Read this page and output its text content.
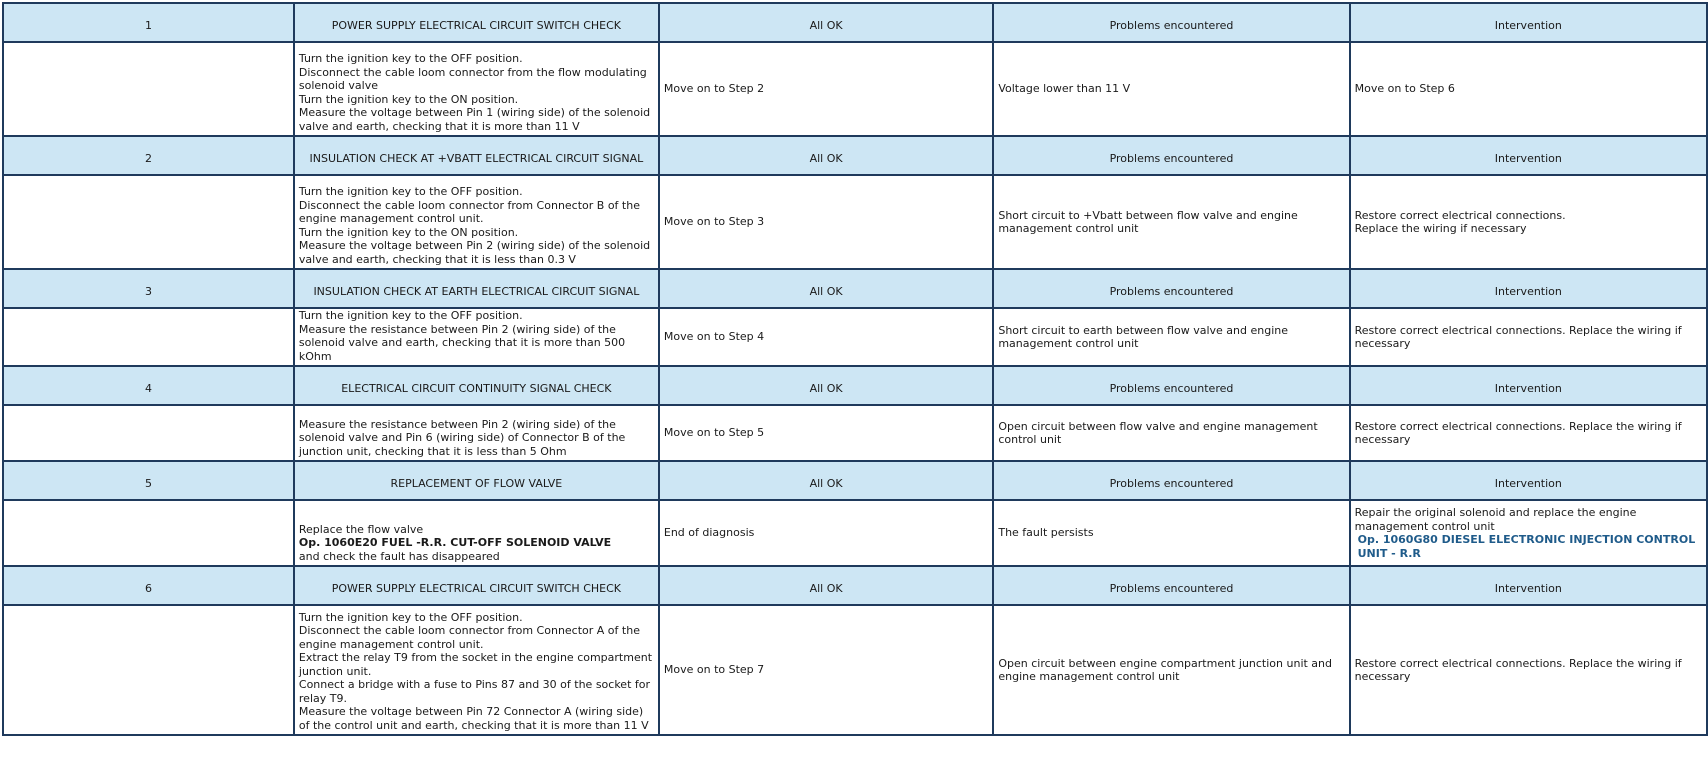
1	POWER SUPPLY ELECTRICAL CIRCUIT SWITCH CHECK	All OK	Problems encountered	Intervention

	Turn the ignition key to the OFF position.
Disconnect the cable loom connector from the flow modulating solenoid valve
Turn the ignition key to the ON position.
Measure the voltage between Pin 1 (wiring side) of the solenoid valve and earth, checking that it is more than 11 V	Move on to Step 2	Voltage lower than 11 V	Move on to Step 6

2	INSULATION CHECK AT +VBATT ELECTRICAL CIRCUIT SIGNAL	All OK	Problems encountered	Intervention

	Turn the ignition key to the OFF position.
Disconnect the cable loom connector from Connector B of the engine management control unit.
Turn the ignition key to the ON position.
Measure the voltage between Pin 2 (wiring side) of the solenoid valve and earth, checking that it is less than 0.3 V	Move on to Step 3	Short circuit to +Vbatt between flow valve and engine management control unit	Restore correct electrical connections.
Replace the wiring if necessary

3	INSULATION CHECK AT EARTH ELECTRICAL CIRCUIT SIGNAL	All OK	Problems encountered	Intervention

	Turn the ignition key to the OFF position.
Measure the resistance between Pin 2 (wiring side) of the solenoid valve and earth, checking that it is more than 500 kOhm	Move on to Step 4	Short circuit to earth between flow valve and engine management control unit	Restore correct electrical connections. Replace the wiring if necessary

4	ELECTRICAL CIRCUIT CONTINUITY SIGNAL CHECK	All OK	Problems encountered	Intervention

	Measure the resistance between Pin 2 (wiring side) of the solenoid valve and Pin 6 (wiring side) of Connector B of the junction unit, checking that it is less than 5 Ohm	Move on to Step 5	Open circuit between flow valve and engine management control unit	Restore correct electrical connections. Replace the wiring if necessary

5	REPLACEMENT OF FLOW VALVE	All OK	Problems encountered	Intervention

	Replace the flow valve
Op. 1060E20 FUEL -R.R. CUT-OFF SOLENOID VALVE
and check the fault has disappeared	End of diagnosis	The fault persists	Repair the original solenoid and replace the engine management control unit
Op. 1060G80 DIESEL ELECTRONIC INJECTION CONTROL UNIT - R.R

6	POWER SUPPLY ELECTRICAL CIRCUIT SWITCH CHECK	All OK	Problems encountered	Intervention

	Turn the ignition key to the OFF position.
Disconnect the cable loom connector from Connector A of the engine management control unit.
Extract the relay T9 from the socket in the engine compartment junction unit.
Connect a bridge with a fuse to Pins 87 and 30 of the socket for relay T9.
Measure the voltage between Pin 72 Connector A (wiring side) of the control unit and earth, checking that it is more than 11 V	Move on to Step 7	Open circuit between engine compartment junction unit and engine management control unit	Restore correct electrical connections. Replace the wiring if necessary
